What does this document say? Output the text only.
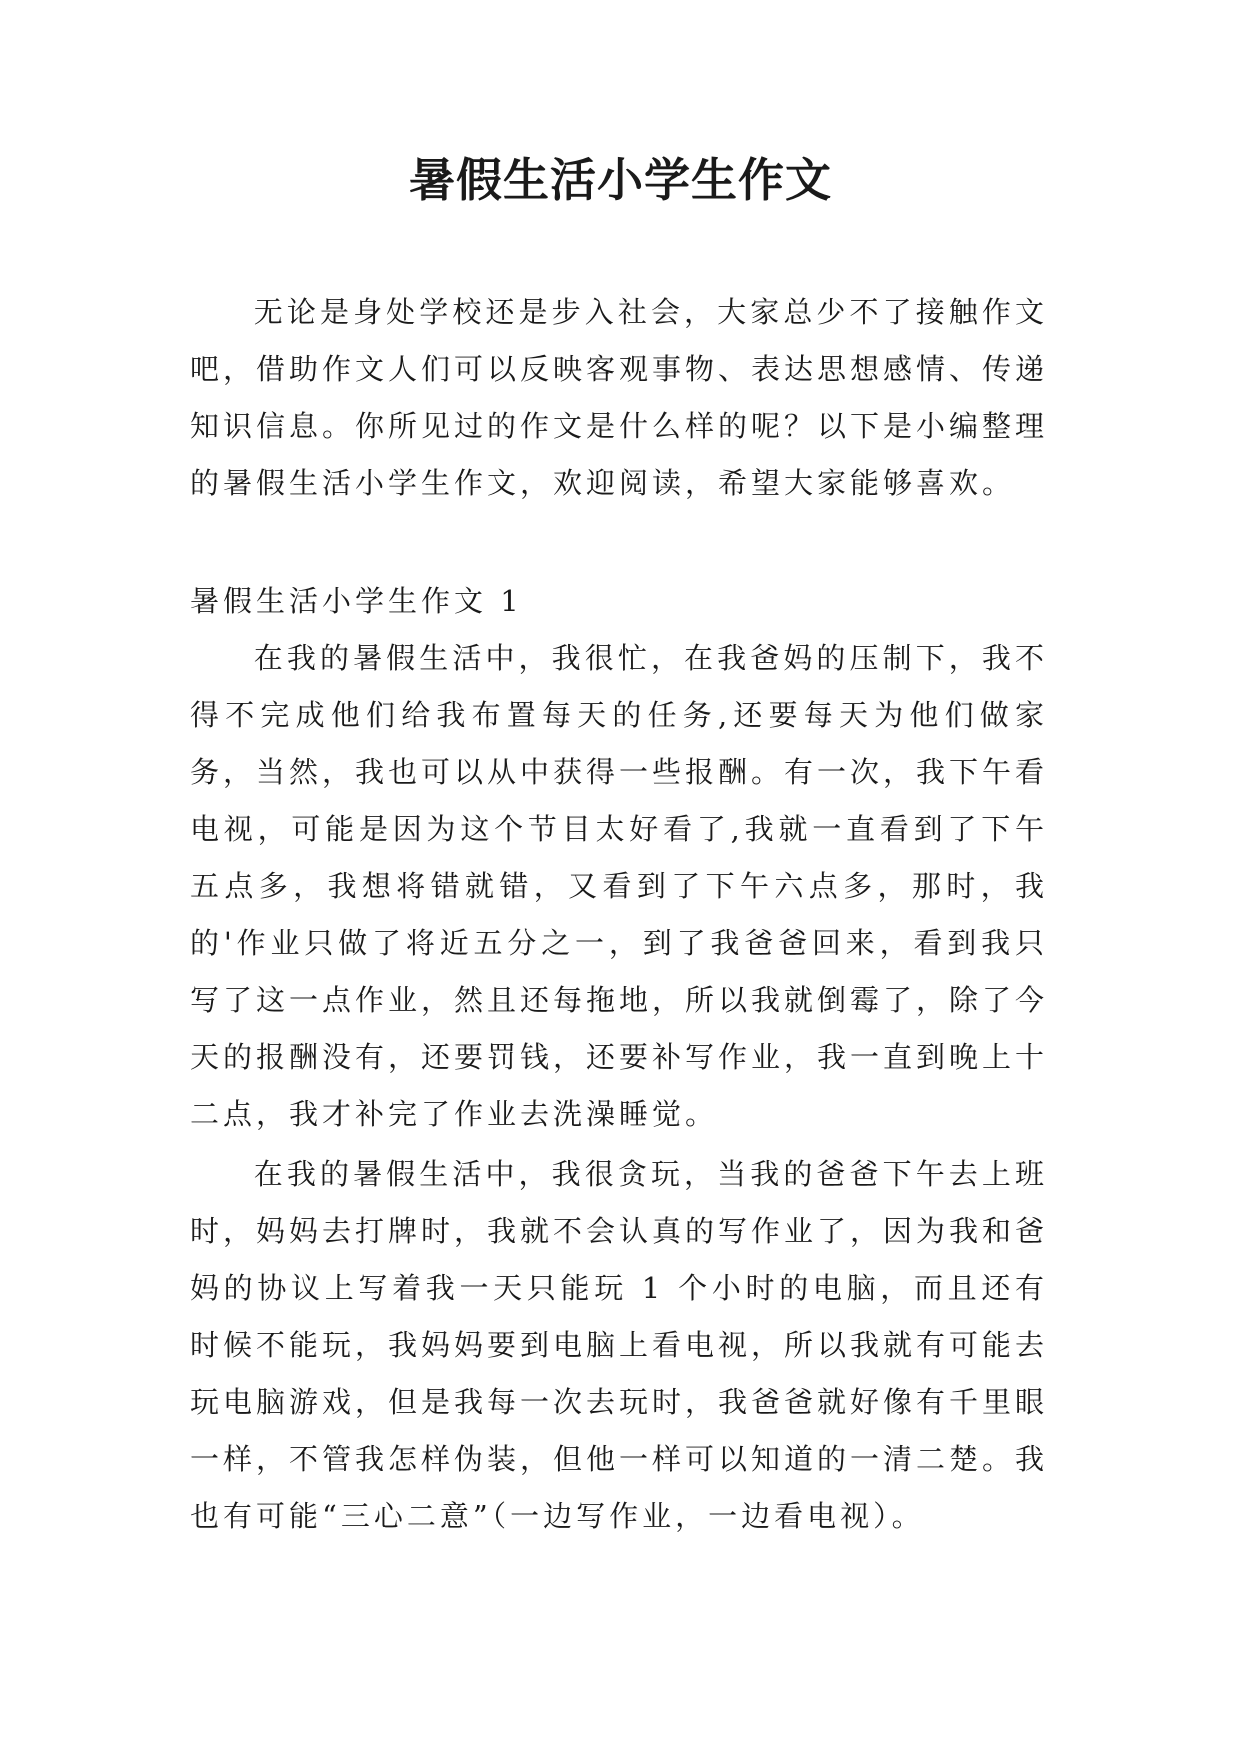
暑假生活小学生作文

无论是身处学校还是步入社会，大家总少不了接触作文吧，借助作文人们可以反映客观事物、表达思想感情、传递知识信息。你所见过的作文是什么样的呢？以下是小编整理的暑假生活小学生作文，欢迎阅读，希望大家能够喜欢。

暑假生活小学生作文 1

在我的暑假生活中，我很忙，在我爸妈的压制下，我不得不完成他们给我布置每天的任务,还要每天为他们做家务，当然，我也可以从中获得一些报酬。有一次，我下午看电视，可能是因为这个节目太好看了,我就一直看到了下午五点多，我想将错就错，又看到了下午六点多，那时，我的'作业只做了将近五分之一，到了我爸爸回来，看到我只写了这一点作业，然且还每拖地，所以我就倒霉了，除了今天的报酬没有，还要罚钱，还要补写作业，我一直到晚上十二点，我才补完了作业去洗澡睡觉。

在我的暑假生活中，我很贪玩，当我的爸爸下午去上班时，妈妈去打牌时，我就不会认真的写作业了，因为我和爸妈的协议上写着我一天只能玩 1 个小时的电脑，而且还有时候不能玩，我妈妈要到电脑上看电视，所以我就有可能去玩电脑游戏，但是我每一次去玩时，我爸爸就好像有千里眼一样，不管我怎样伪装，但他一样可以知道的一清二楚。我也有可能“三心二意”（一边写作业，一边看电视）。
